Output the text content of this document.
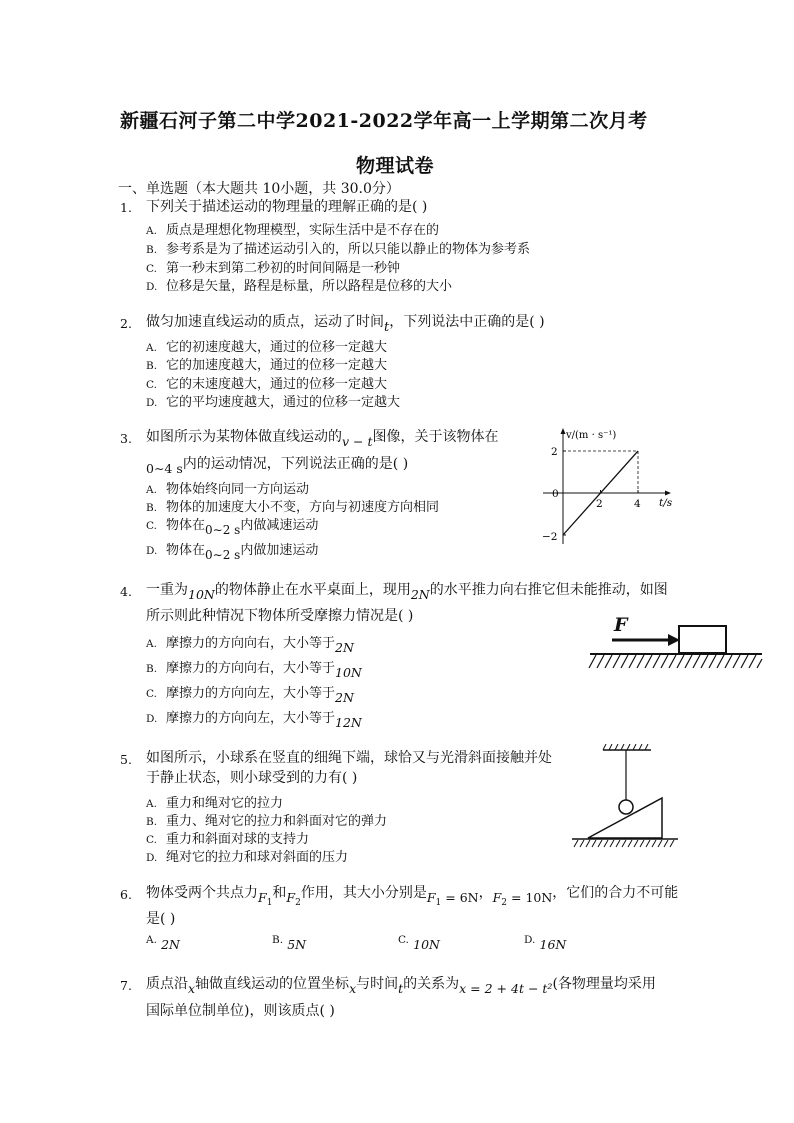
新疆石河子第二中学2021-2022学年高一上学期第二次月考
物理试卷
一、单选题（本大题共 10小题，共 30.0分）
1. 下列关于描述运动的物理量的理解正确的是( )
A. 质点是理想化物理模型，实际生活中是不存在的
B. 参考系是为了描述运动引入的，所以只能以静止的物体为参考系
C. 第一秒末到第二秒初的时间间隔是一秒钟
D. 位移是矢量，路程是标量，所以路程是位移的大小
2. 做匀加速直线运动的质点，运动了时间t，下列说法中正确的是( )
A. 它的初速度越大，通过的位移一定越大
B. 它的加速度越大，通过的位移一定越大
C. 它的末速度越大，通过的位移一定越大
D. 它的平均速度越大，通过的位移一定越大
3. 如图所示为某物体做直线运动的v − t图像，关于该物体在
0∼4 s内的运动情况，下列说法正确的是( )
A. 物体始终向同一方向运动
B. 物体的加速度大小不变，方向与初速度方向相同
C. 物体在0∼2 s内做减速运动
D. 物体在0∼2 s内做加速运动
v/(m · s⁻¹)
t/s
0
2	4
2
−2
4. 一重为10N的物体静止在水平桌面上，现用2N的水平推力向右推它但未能推动，如图
所示则此种情况下物体所受摩擦力情况是( )
A. 摩擦力的方向向右，大小等于2N
B. 摩擦力的方向向右，大小等于10N
C. 摩擦力的方向向左，大小等于2N
D. 摩擦力的方向向左，大小等于12N
F
5. 如图所示，小球系在竖直的细绳下端，球恰又与光滑斜面接触并处
于静止状态，则小球受到的力有( )
A. 重力和绳对它的拉力
B. 重力、绳对它的拉力和斜面对它的弹力
C. 重力和斜面对球的支持力
D. 绳对它的拉力和球对斜面的压力
6. 物体受两个共点力$F_1$和$F_2$作用，其大小分别是$F_1 = 6N$，$F_2 = 10N$，它们的合力不可能
是( )
A. 2N	B. 5N	C. 10N	D. 16N
7. 质点沿x轴做直线运动的位置坐标x与时间t的关系为x = 2 + 4t − t²(各物理量均采用
国际单位制单位)，则该质点( )
